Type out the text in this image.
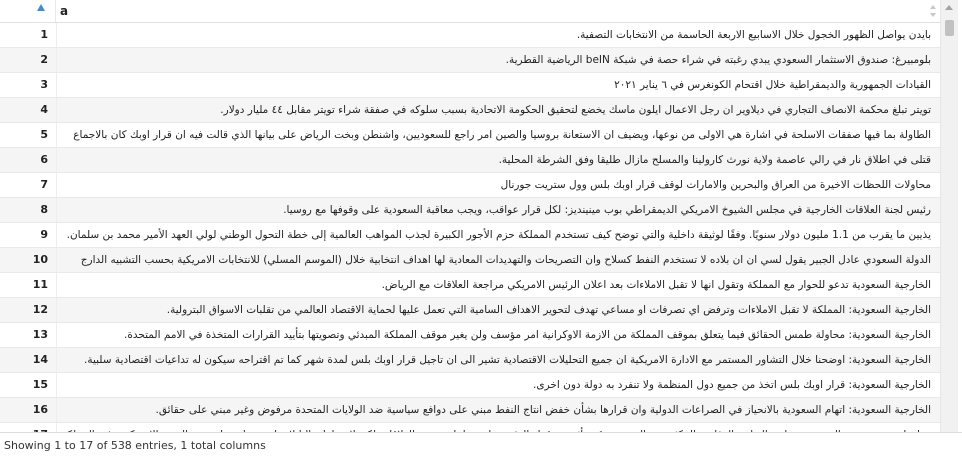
a
1	بايدن يواصل الظهور الخجول خلال الاسابيع الاربعة الحاسمة من الانتخابات التصفية.
2	بلومبيرغ: صندوق الاستثمار السعودي يبدي رغبته في شراء حصة في شبكة beIN الرياضية القطرية.
3	القيادات الجمهورية والديمقراطية خلال اقتحام الكونغرس في ٦ يناير ٢٠٢١
4	تويتر تبلغ محكمة الانصاف التجاري في ديلاوير ان رجل الاعمال ايلون ماسك يخضع لتحقيق الحكومة الاتحادية بسبب سلوكه في صفقة شراء تويتر مقابل ٤٤ مليار دولار.
5	الطاولة بما فيها صفقات الاسلحة في اشارة هي الاولى من نوعها، ويضيف ان الاستعانة بروسيا والصين امر راجع للسعوديين، واشنطن وبخت الرياض على بيانها الذي قالت فيه ان قرار اوبك كان بالاجماع
6	قتلى في اطلاق نار في رالي عاصمة ولاية نورث كارولينا والمسلح مازال طليقا وفق الشرطة المحلية.
7	محاولات اللحظات الاخيرة من العراق والبحرين والامارات لوقف قرار اوبك بلس وول ستريت جورنال
8	رئيس لجنة العلاقات الخارجية في مجلس الشيوخ الامريكي الديمقراطي بوب مينينديز: لكل قرار عواقب، ويجب معاقبة السعودية على وقوفها مع روسيا.
9	يذيين ما يقرب من 1.1 مليون دولار سنويًا. وفقًا لوثيقة داخلية والتي توضح كيف تستخدم المملكة حزم الأجور الكبيرة لجذب المواهب العالمية إلى خطة التحول الوطني لولي العهد الأمير محمد بن سلمان.
10	الدولة السعودي عادل الجبير يقول لسي ان ان بلاده لا تستخدم النفط كسلاح وان التصريحات والتهديدات المعادية لها اهداف انتخابية خلال (الموسم المسلي) للانتخابات الامريكية بحسب التشبيه الدارج
11	الخارجية السعودية تدعو للحوار مع المملكة وتقول انها لا تقبل الاملاءات بعد اعلان الرئيس الامريكي مراجعة العلاقات مع الرياض.
12	الخارجية السعودية: المملكة لا تقبل الاملاءات وترفض اي تصرفات او مساعي تهدف لتحوير الاهداف السامية التي تعمل عليها لحماية الاقتصاد العالمي من تقلبات الاسواق البترولية.
13	الخارجية السعودية: محاولة طمس الحقائق فيما يتعلق بموقف المملكة من الازمة الاوكرانية امر مؤسف ولن يغير موقف المملكة المبدئي وتصويتها بتأييد القرارات المتخذة في الامم المتحدة.
14	الخارجية السعودية: اوضحنا خلال التشاور المستمر مع الادارة الامريكية ان جميع التحليلات الاقتصادية تشير الى ان تاجيل قرار اوبك بلس لمدة شهر كما تم اقتراحه سيكون له تداعيات اقتصادية سلبية.
15	الخارجية السعودية: قرار اوبك بلس اتخذ من جميع دول المنظمة ولا تنفرد به دولة دون اخرى.
16	الخارجية السعودية: اتهام السعودية بالانحياز في الصراعات الدولية وان قرارها بشأن خفض انتاج النفط مبني على دوافع سياسية ضد الولايات المتحدة مرفوض وغير مبني على حقائق.
Showing 1 to 17 of 538 entries, 1 total columns
